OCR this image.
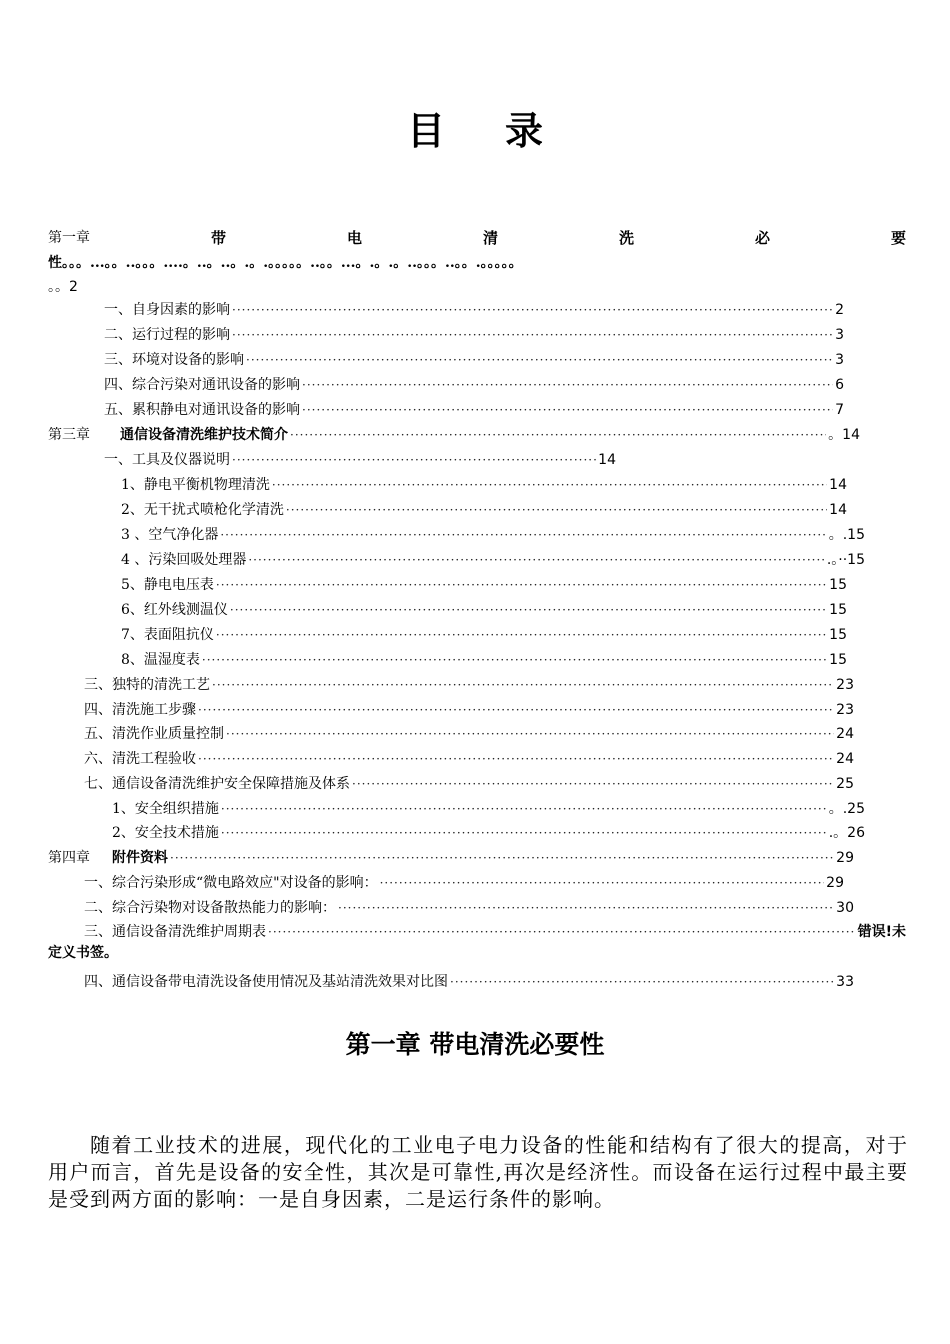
目 录
第一章	带	电	清	洗	必	要
性。。。...。。..。。。....。..。..。.。.。。。。。..。。...。.。.。..。。。..。。.。。。。。
。。2
一、自身因素的影响 ·····	2
二、运行过程的影响 ·····	3
三、环境对设备的影响 ·····	3
四、综合污染对通讯设备的影响 ·····	6
五、累积静电对通讯设备的影响 ·····	7
第三章 通信设备清洗维护技术简介 ·····	。14
一、工具及仪器说明 ·····	14
1、静电平衡机物理清洗 ·····	14
2、无干扰式喷枪化学清洗 ·····	14
3 、空气净化器 ·····	。.15
4 、污染回吸处理器 ·····	.。··15
5、静电电压表 ·····	15
6、红外线测温仪 ·····	15
7、表面阻抗仪 ·····	15
8、温湿度表 ·····	15
三、独特的清洗工艺 ·····	23
四、清洗施工步骤 ·····	23
五、清洗作业质量控制 ·····	24
六、清洗工程验收 ·····	24
七、通信设备清洗维护安全保障措施及体系 ·····	25
1、安全组织措施 ·····	。.25
2、安全技术措施 ·····	.。26
第四章 附件资料 ·····	29
一、综合污染形成“微电路效应"对设备的影响： ·····	29
二、综合污染物对设备散热能力的影响： ·····	30
三、通信设备清洗维护周期表 ·····	错误!未
定义书签。
四、通信设备带电清洗设备使用情况及基站清洗效果对比图 ·····	33
第一章 带电清洗必要性
随着工业技术的进展，现代化的工业电子电力设备的性能和结构有了很大的提高，对于用户而言，首先是设备的安全性，其次是可靠性,再次是经济性。而设备在运行过程中最主要是受到两方面的影响：一是自身因素，二是运行条件的影响。
